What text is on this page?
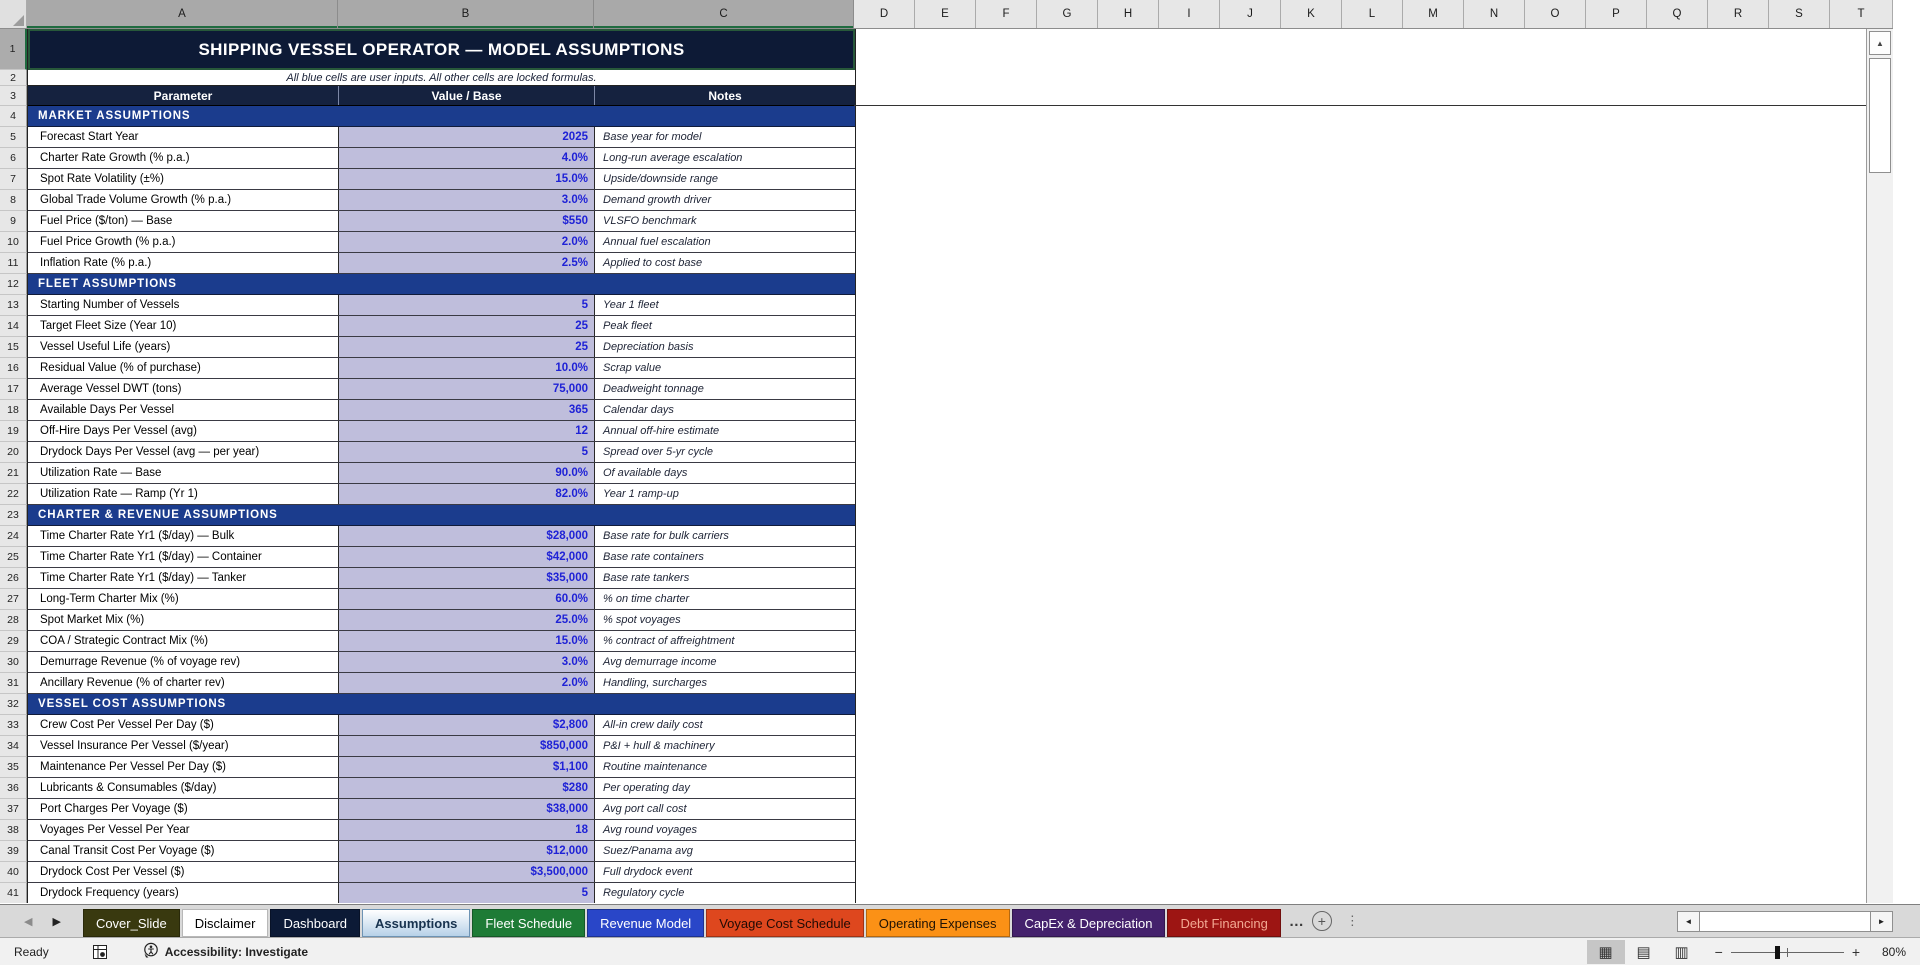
A	B	C	D	E	F	G	H	I	J	K	L	M	N	O	P	Q	R	S	T
1
2
3
4
5
6
7
8
9
10
11
12
13
14
15
16
17
18
19
20
21
22
23
24
25
26
27
28
29
30
31
32
33
34
35
36
37
38
39
40
41
SHIPPING VESSEL OPERATOR — MODEL ASSUMPTIONS
All blue cells are user inputs. All other cells are locked formulas.
Parameter	Value / Base	Notes
MARKET ASSUMPTIONS
Forecast Start Year	2025	Base year for model
Charter Rate Growth (% p.a.)	4.0%	Long-run average escalation
Spot Rate Volatility (±%)	15.0%	Upside/downside range
Global Trade Volume Growth (% p.a.)	3.0%	Demand growth driver
Fuel Price ($/ton) — Base	$550	VLSFO benchmark
Fuel Price Growth (% p.a.)	2.0%	Annual fuel escalation
Inflation Rate (% p.a.)	2.5%	Applied to cost base
FLEET ASSUMPTIONS
Starting Number of Vessels	5	Year 1 fleet
Target Fleet Size (Year 10)	25	Peak fleet
Vessel Useful Life (years)	25	Depreciation basis
Residual Value (% of purchase)	10.0%	Scrap value
Average Vessel DWT (tons)	75,000	Deadweight tonnage
Available Days Per Vessel	365	Calendar days
Off-Hire Days Per Vessel (avg)	12	Annual off-hire estimate
Drydock Days Per Vessel (avg — per year)	5	Spread over 5-yr cycle
Utilization Rate — Base	90.0%	Of available days
Utilization Rate — Ramp (Yr 1)	82.0%	Year 1 ramp-up
CHARTER & REVENUE ASSUMPTIONS
Time Charter Rate Yr1 ($/day) — Bulk	$28,000	Base rate for bulk carriers
Time Charter Rate Yr1 ($/day) — Container	$42,000	Base rate containers
Time Charter Rate Yr1 ($/day) — Tanker	$35,000	Base rate tankers
Long-Term Charter Mix (%)	60.0%	% on time charter
Spot Market Mix (%)	25.0%	% spot voyages
COA / Strategic Contract Mix (%)	15.0%	% contract of affreightment
Demurrage Revenue (% of voyage rev)	3.0%	Avg demurrage income
Ancillary Revenue (% of charter rev)	2.0%	Handling, surcharges
VESSEL COST ASSUMPTIONS
Crew Cost Per Vessel Per Day ($)	$2,800	All-in crew daily cost
Vessel Insurance Per Vessel ($/year)	$850,000	P&I + hull & machinery
Maintenance Per Vessel Per Day ($)	$1,100	Routine maintenance
Lubricants & Consumables ($/day)	$280	Per operating day
Port Charges Per Voyage ($)	$38,000	Avg port call cost
Voyages Per Vessel Per Year	18	Avg round voyages
Canal Transit Cost Per Voyage ($)	$12,000	Suez/Panama avg
Drydock Cost Per Vessel ($)	$3,500,000	Full drydock event
Drydock Frequency (years)	5	Regulatory cycle
▲
◀ ▶	Cover_Slide	Disclaimer	Dashboard	Assumptions	Fleet Schedule	Revenue Model	Voyage Cost Schedule	Operating Expenses	CapEx & Depreciation	Debt Financing	… +	⋮	◄	►
Ready	Accessibility: Investigate	▦	▤	▥	−	+	80%
